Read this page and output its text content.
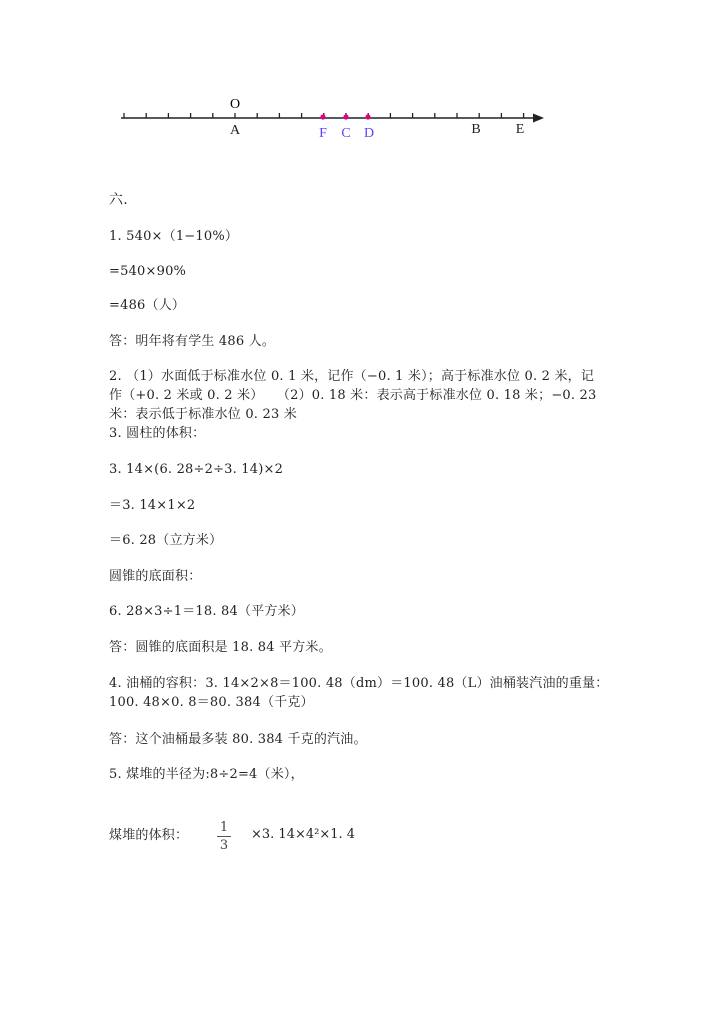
O
A	F C D	B	E
六.
1. 540×（1−10%）
=540×90%
=486（人）
答：明年将有学生 486 人。
2. （1）水面低于标准水位 0. 1 米，记作（−0. 1 米）；高于标准水位 0. 2 米，记
作（+0. 2 米或 0. 2 米）　　（2）0. 18 米：表示高于标准水位 0. 18 米；−0. 23
米：表示低于标准水位 0. 23 米
3. 圆柱的体积：
3. 14×(6. 28÷2÷3. 14)×2
＝3. 14×1×2
＝6. 28（立方米）
圆锥的底面积：
6. 28×3÷1＝18. 84（平方米）
答：圆锥的底面积是 18. 84 平方米。
4. 油桶的容积：3. 14×2×8＝100. 48（dm）＝100. 48（L）油桶装汽油的重量：
100. 48×0. 8＝80. 384（千克）
答：这个油桶最多装 80. 384 千克的汽油。
5. 煤堆的半径为:8÷2=4（米），
煤堆的体积：
1
3
×3. 14×4²×1. 4
